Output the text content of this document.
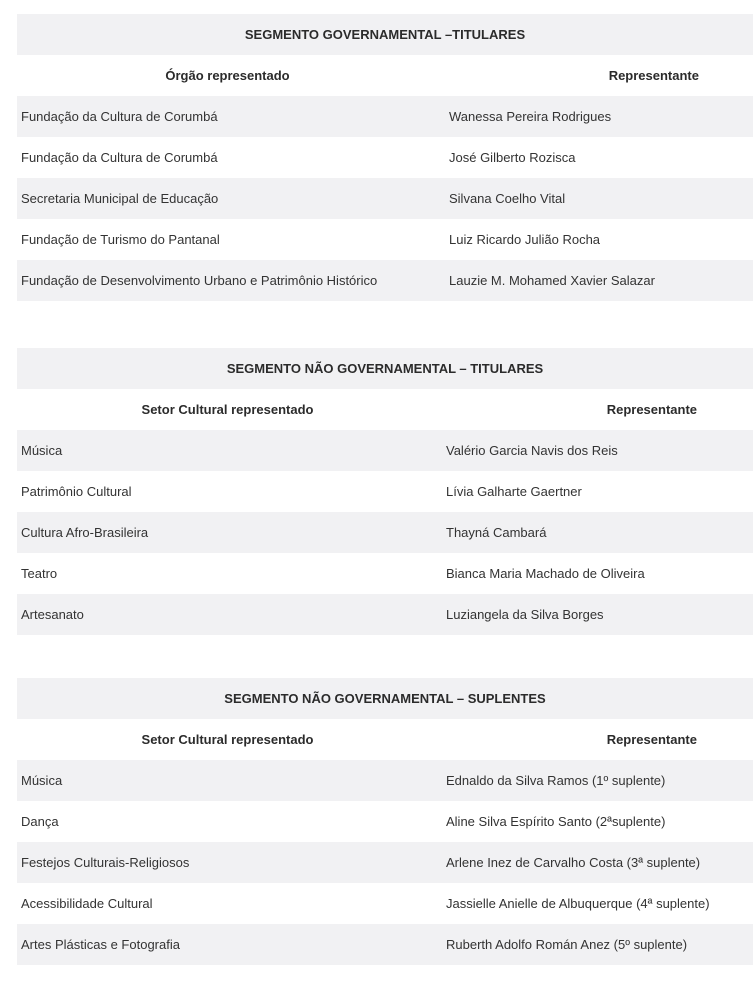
SEGMENTO GOVERNAMENTAL –TITULARES	
Órgão representado	Representante
Fundação da Cultura de Corumbá	Wanessa Pereira Rodrigues
Fundação da Cultura de Corumbá	José Gilberto Rozisca
Secretaria Municipal de Educação	Silvana Coelho Vital
Fundação de Turismo do Pantanal	Luiz Ricardo Julião Rocha
Fundação de Desenvolvimento Urbano e Patrimônio Histórico	Lauzie M. Mohamed Xavier Salazar
SEGMENTO NÃO GOVERNAMENTAL – TITULARES	
Setor Cultural representado	Representante
Música	Valério Garcia Navis dos Reis
Patrimônio Cultural	Lívia Galharte Gaertner
Cultura Afro-Brasileira	Thayná Cambará
Teatro	Bianca Maria Machado de Oliveira
Artesanato	Luziangela da Silva Borges
SEGMENTO NÃO GOVERNAMENTAL – SUPLENTES	
Setor Cultural representado	Representante
Música	Ednaldo da Silva Ramos (1º suplente)
Dança	Aline Silva Espírito Santo (2ªsuplente)
Festejos Culturais-Religiosos	Arlene Inez de Carvalho Costa (3ª suplente)
Acessibilidade Cultural	Jassielle Anielle de Albuquerque (4ª suplente)
Artes Plásticas e Fotografia	Ruberth Adolfo Román Anez (5º suplente)
